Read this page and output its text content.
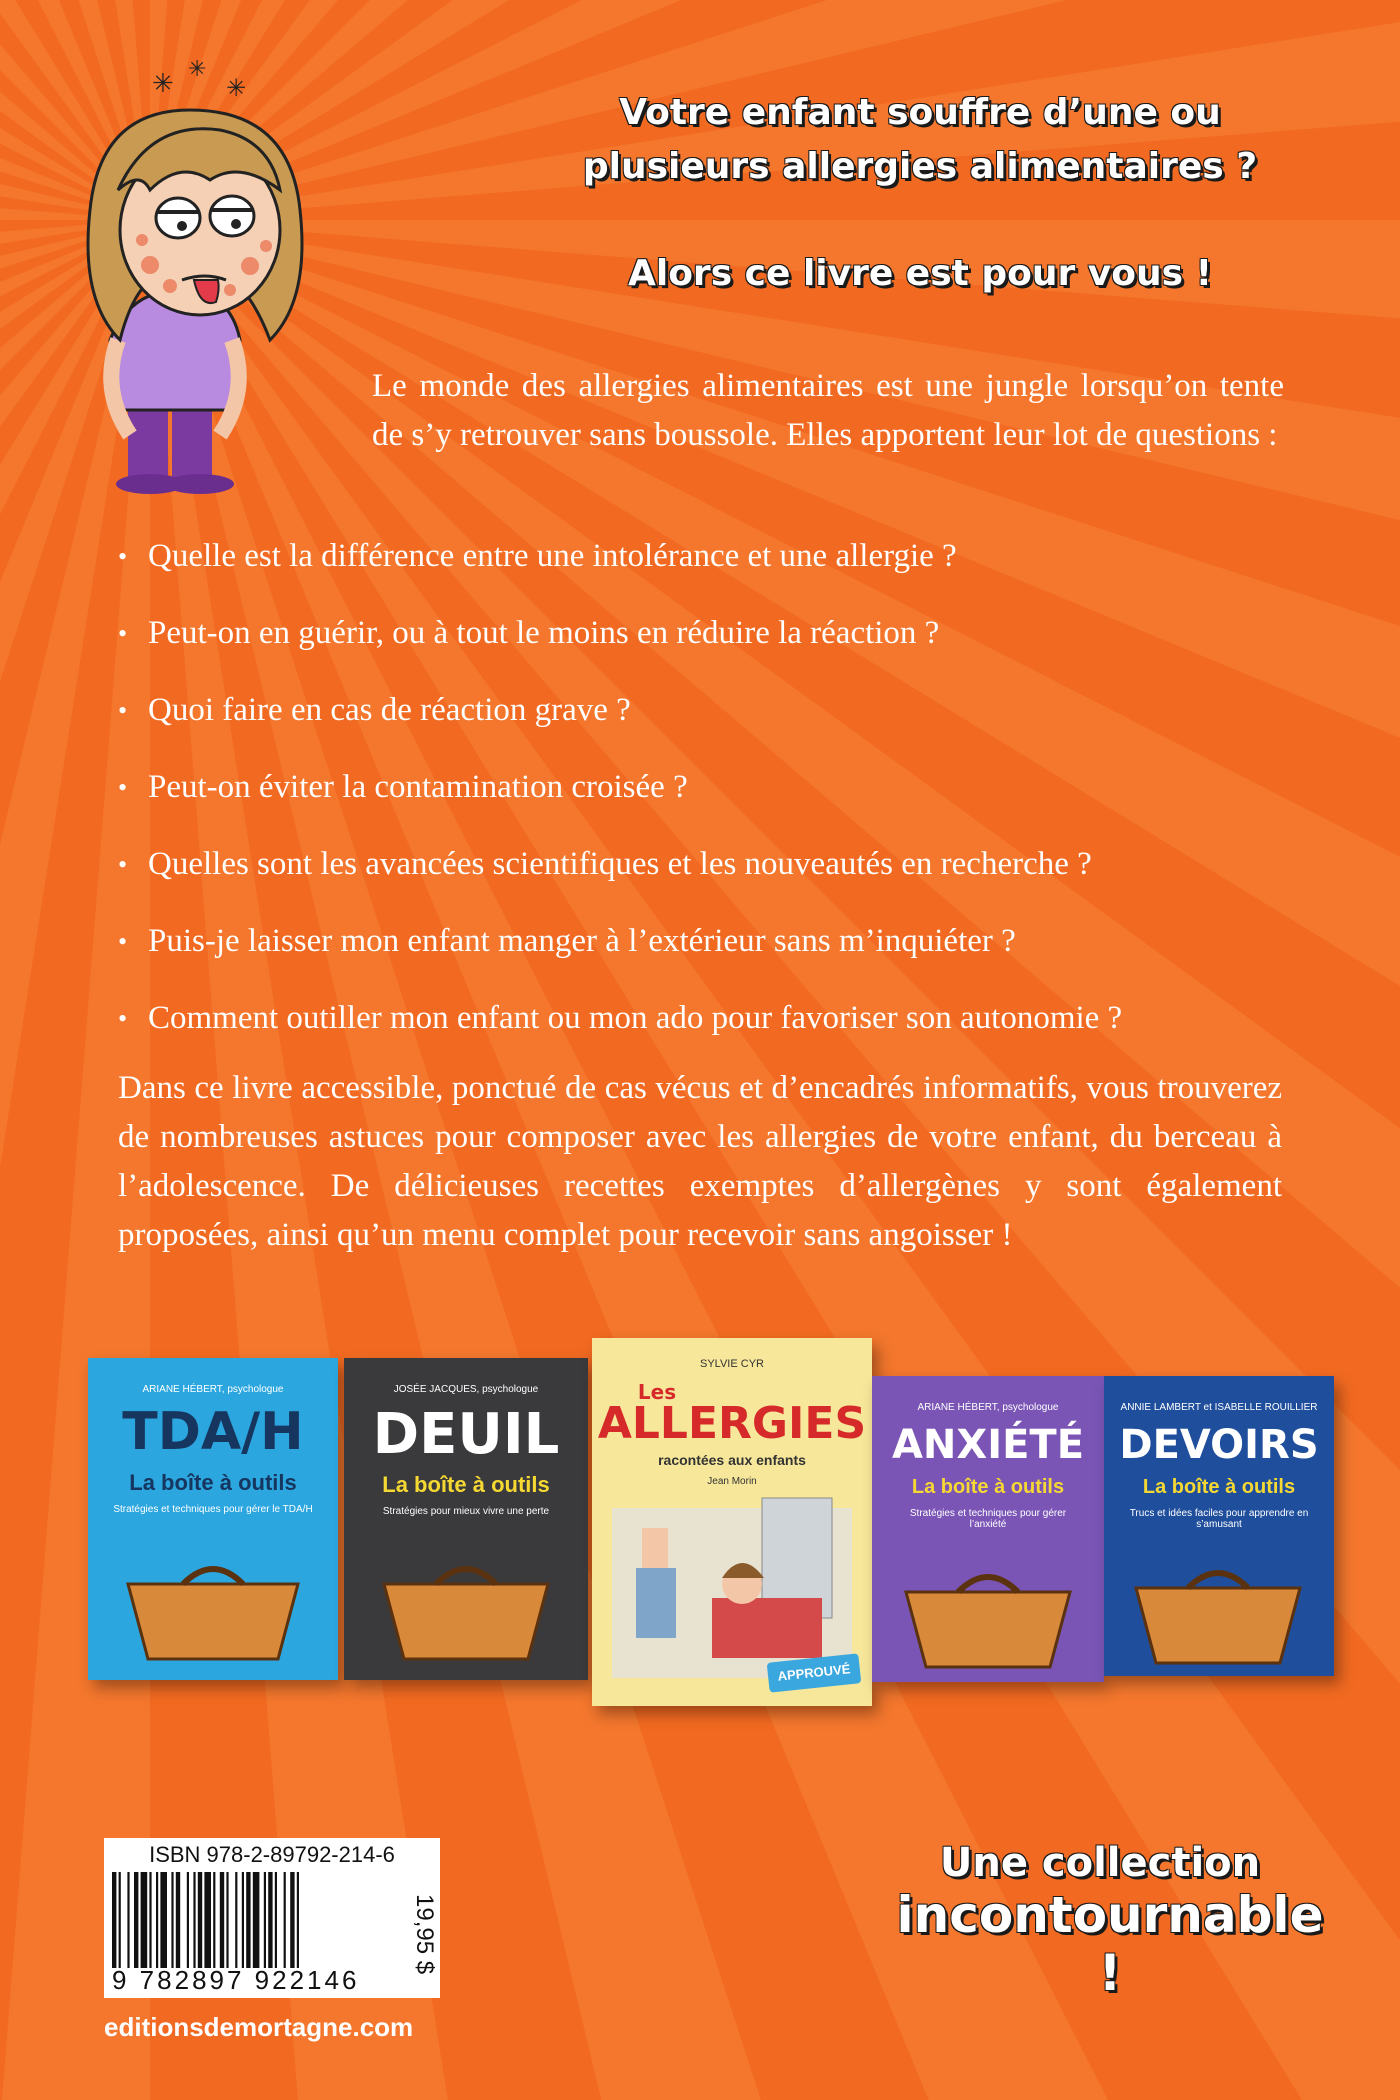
✳ ✳
✳
Votre enfant souffre d’une ou
plusieurs allergies alimentaires ?
Alors ce livre est pour vous !
Le monde des allergies alimentaires est une jungle lorsqu’on tente de s’y retrouver sans boussole. Elles apportent leur lot de questions :
• Quelle est la différence entre une intolérance et une allergie ?
• Peut-on en guérir, ou à tout le moins en réduire la réaction ?
• Quoi faire en cas de réaction grave ?
• Peut-on éviter la contamination croisée ?
• Quelles sont les avancées scientifiques et les nouveautés en recherche ?
• Puis-je laisser mon enfant manger à l’extérieur sans m’inquiéter ?
• Comment outiller mon enfant ou mon ado pour favoriser son autonomie ?
Dans ce livre accessible, ponctué de cas vécus et d’encadrés informatifs, vous trouverez de nombreuses astuces pour composer avec les allergies de votre enfant, du berceau à l’adolescence. De délicieuses recettes exemptes d’allergènes y sont également proposées, ainsi qu’un menu complet pour recevoir sans angoisser !
ARIANE HÉBERT, psychologue
TDA/H
La boîte à outils
Stratégies et techniques pour gérer le TDA/H
JOSÉE JACQUES, psychologue
DEUIL
La boîte à outils
Stratégies pour mieux vivre une perte
SYLVIE CYR
Les
ALLERGIES
racontées aux enfants
Jean Morin
APPROUVÉ
ARIANE HÉBERT, psychologue
ANXIÉTÉ
La boîte à outils
Stratégies et techniques pour gérer l’anxiété
ANNIE LAMBERT et ISABELLE ROUILLIER
DEVOIRS
La boîte à outils
Trucs et idées faciles pour apprendre en s’amusant
ISBN 978-2-89792-214-6
9 782897 922146
19,95 $
editionsdemortagne.com
Une collection
incontournable !
